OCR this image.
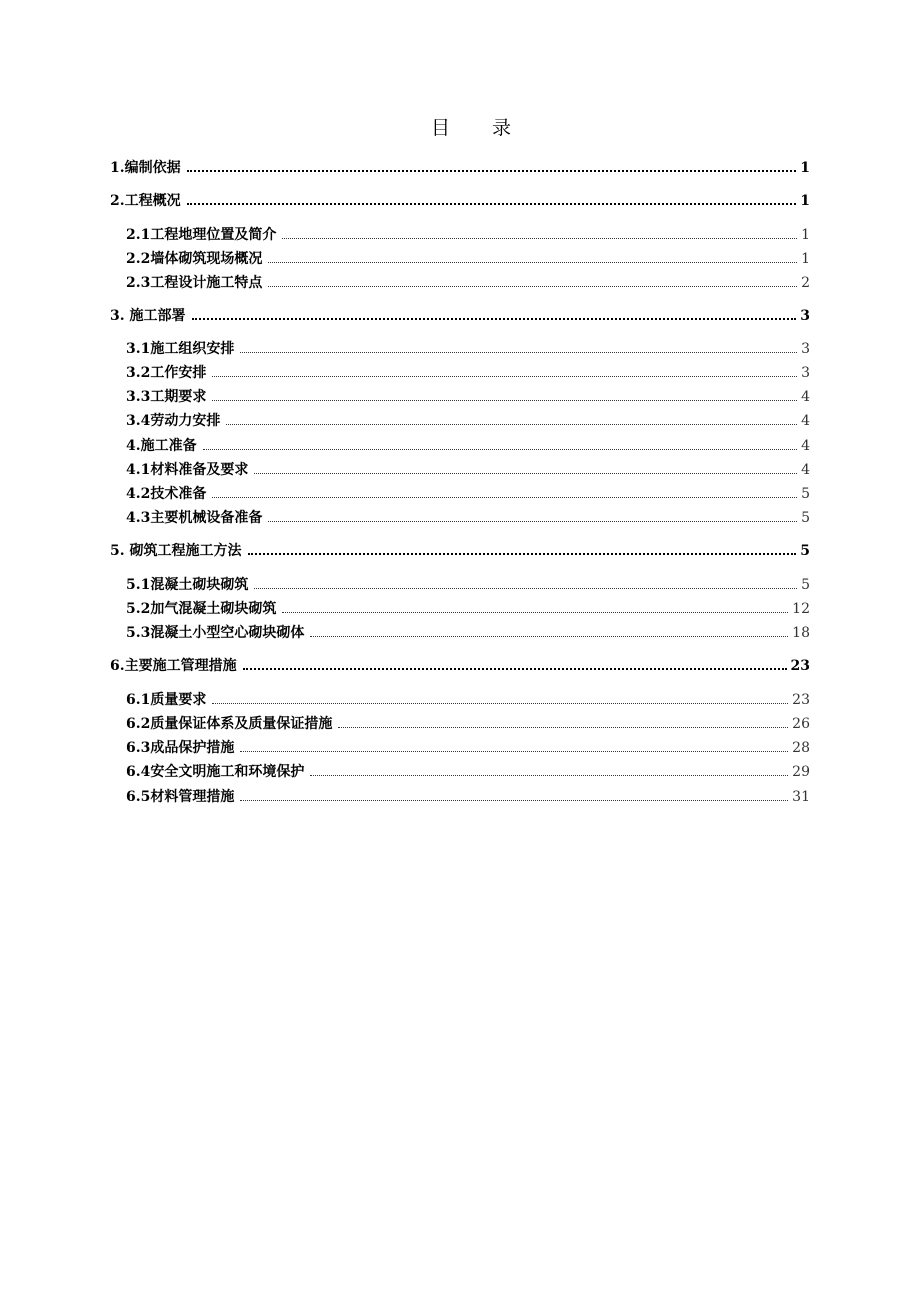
目 录
1.编制依据	1
2.工程概况	1
2.1工程地理位置及简介	1
2.2墙体砌筑现场概况	1
2.3工程设计施工特点	2
3. 施工部署	3
3.1施工组织安排	3
3.2工作安排	3
3.3工期要求	4
3.4劳动力安排	4
4.施工准备	4
4.1材料准备及要求	4
4.2技术准备	5
4.3主要机械设备准备	5
5. 砌筑工程施工方法	5
5.1混凝土砌块砌筑	5
5.2加气混凝土砌块砌筑	12
5.3混凝土小型空心砌块砌体	18
6.主要施工管理措施	23
6.1质量要求	23
6.2质量保证体系及质量保证措施	26
6.3成品保护措施	28
6.4安全文明施工和环境保护	29
6.5材料管理措施	31
